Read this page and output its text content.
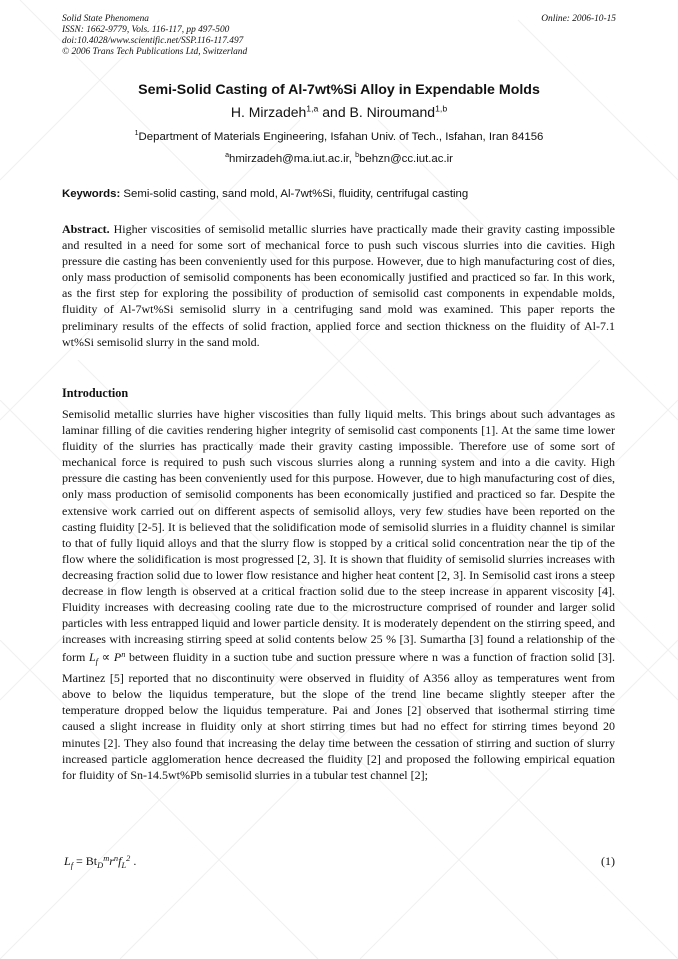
Solid State Phenomena
ISSN: 1662-9779, Vols. 116-117, pp 497-500
doi:10.4028/www.scientific.net/SSP.116-117.497
© 2006 Trans Tech Publications Ltd, Switzerland
Online: 2006-10-15
Semi-Solid Casting of Al-7wt%Si Alloy in Expendable Molds
H. Mirzadeh$^{1,a}$ and B. Niroumand$^{1,b}$
$^1$Department of Materials Engineering, Isfahan Univ. of Tech., Isfahan, Iran 84156
$^a$hmirzadeh@ma.iut.ac.ir, $^b$behzn@cc.iut.ac.ir
Keywords: Semi-solid casting, sand mold, Al-7wt%Si, fluidity, centrifugal casting
Abstract. Higher viscosities of semisolid metallic slurries have practically made their gravity casting impossible and resulted in a need for some sort of mechanical force to push such viscous slurries into die cavities. High pressure die casting has been conveniently used for this purpose. However, due to high manufacturing cost of dies, only mass production of semisolid components has been economically justified and practiced so far. In this work, as the first step for exploring the possibility of production of semisolid cast components in expendable molds, fluidity of Al-7wt%Si semisolid slurry in a centrifuging sand mold was examined. This paper reports the preliminary results of the effects of solid fraction, applied force and section thickness on the fluidity of Al-7.1 wt%Si semisolid slurry in the sand mold.
Introduction
Semisolid metallic slurries have higher viscosities than fully liquid melts. This brings about such advantages as laminar filling of die cavities rendering higher integrity of semisolid cast components [1]. At the same time lower fluidity of the slurries has practically made their gravity casting impossible. Therefore use of some sort of mechanical force is required to push such viscous slurries along a running system and into a die cavity. High pressure die casting has been conveniently used for this purpose. However, due to high manufacturing cost of dies, only mass production of semisolid components has been economically justified and practiced so far. Despite the extensive work carried out on different aspects of semisolid alloys, very few studies have been reported on the casting fluidity [2-5]. It is believed that the solidification mode of semisolid slurries in a fluidity channel is similar to that of fully liquid alloys and that the slurry flow is stopped by a critical solid concentration near the tip of the flow where the solidification is most progressed [2, 3]. It is shown that fluidity of semisolid slurries increases with decreasing fraction solid due to lower flow resistance and higher heat content [2, 3]. In Semisolid cast irons a steep decrease in flow length is observed at a critical fraction solid due to the steep increase in apparent viscosity [4]. Fluidity increases with decreasing cooling rate due to the microstructure comprised of rounder and larger solid particles with less entrapped liquid and lower particle density. It is moderately dependent on the stirring speed, and increases with increasing stirring speed at solid contents below 25 % [3]. Sumartha [3] found a relationship of the form $L_f \propto P^n$ between fluidity in a suction tube and suction pressure where n was a function of fraction solid [3]. Martinez [5] reported that no discontinuity were observed in fluidity of A356 alloy as temperatures went from above to below the liquidus temperature, but the slope of the trend line became slightly steeper after the temperature dropped below the liquidus temperature. Pai and Jones [2] observed that isothermal stirring time caused a slight increase in fluidity only at short stirring times but had no effect for stirring times beyond 20 minutes [2]. They also found that increasing the delay time between the cessation of stirring and suction of slurry increased particle agglomeration hence decreased the fluidity [2] and proposed the following empirical equation for fluidity of Sn-14.5wt%Pb semisolid slurries in a tubular test channel [2];
$L_f = Bt_D^mr^nf_L^2$ .	(1)
